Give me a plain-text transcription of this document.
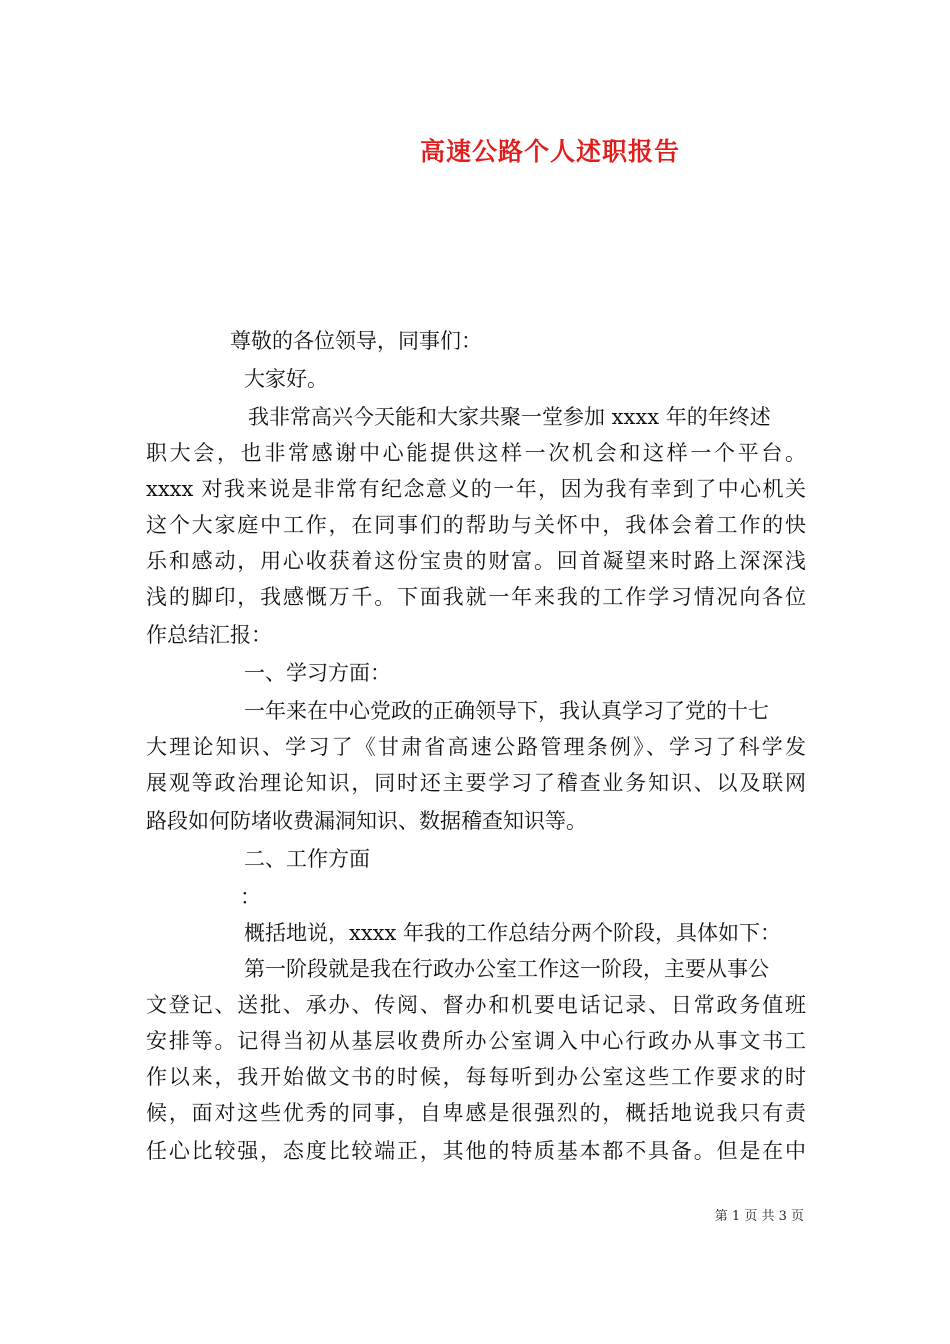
高速公路个人述职报告
尊敬的各位领导，同事们：
大家好。
我非常高兴今天能和大家共聚一堂参加 xxxx 年的年终述
职大会，也非常感谢中心能提供这样一次机会和这样一个平台。
xxxx 对我来说是非常有纪念意义的一年，因为我有幸到了中心机关
这个大家庭中工作，在同事们的帮助与关怀中，我体会着工作的快
乐和感动，用心收获着这份宝贵的财富。回首凝望来时路上深深浅
浅的脚印，我感慨万千。下面我就一年来我的工作学习情况向各位
作总结汇报：
一、学习方面：
一年来在中心党政的正确领导下，我认真学习了党的十七
大理论知识、学习了《甘肃省高速公路管理条例》、学习了科学发
展观等政治理论知识，同时还主要学习了稽查业务知识、以及联网
路段如何防堵收费漏洞知识、数据稽查知识等。
二、工作方面
：
概括地说，xxxx 年我的工作总结分两个阶段，具体如下：
第一阶段就是我在行政办公室工作这一阶段，主要从事公
文登记、送批、承办、传阅、督办和机要电话记录、日常政务值班
安排等。记得当初从基层收费所办公室调入中心行政办从事文书工
作以来，我开始做文书的时候，每每听到办公室这些工作要求的时
候，面对这些优秀的同事，自卑感是很强烈的，概括地说我只有责
任心比较强，态度比较端正，其他的特质基本都不具备。但是在中
第 1 页 共 3 页
